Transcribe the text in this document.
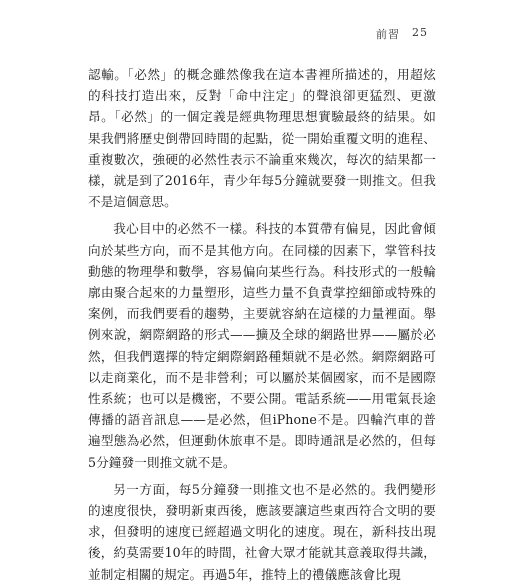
前習 25

認輸。「必然」的概念雖然像我在這本書裡所描述的，用超炫的科技打造出來，反對「命中注定」的聲浪卻更猛烈、更激昂。「必然」的一個定義是經典物理思想實驗最終的結果。如果我們將歷史倒帶回時間的起點，從一開始重覆文明的進程、重複數次，強硬的必然性表示不論重來幾次，每次的結果都一樣，就是到了2016年，青少年每5分鐘就要發一則推文。但我不是這個意思。

我心目中的必然不一樣。科技的本質帶有偏見，因此會傾向於某些方向，而不是其他方向。在同樣的因素下，掌管科技動態的物理學和數學，容易偏向某些行為。科技形式的一般輪廓由聚合起來的力量塑形，這些力量不負責掌控細節或特殊的案例，而我們要看的趨勢，主要就容納在這樣的力量裡面。舉例來說，網際網路的形式——擴及全球的網路世界——屬於必然，但我們選擇的特定網際網路種類就不是必然。網際網路可以走商業化，而不是非營利；可以屬於某個國家，而不是國際性系統；也可以是機密，不要公開。電話系統——用電氣長途傳播的語音訊息——是必然，但iPhone不是。四輪汽車的普遍型態為必然，但運動休旅車不是。即時通訊是必然的，但每5分鐘發一則推文就不是。

另一方面，每5分鐘發一則推文也不是必然的。我們變形的速度很快，發明新東西後，應該要讓這些東西符合文明的要求，但發明的速度已經超過文明化的速度。現在，新科技出現後，約莫需要10年的時間，社會大眾才能就其意義取得共識，並制定相關的規定。再過5年，推特上的禮儀應該會比現
